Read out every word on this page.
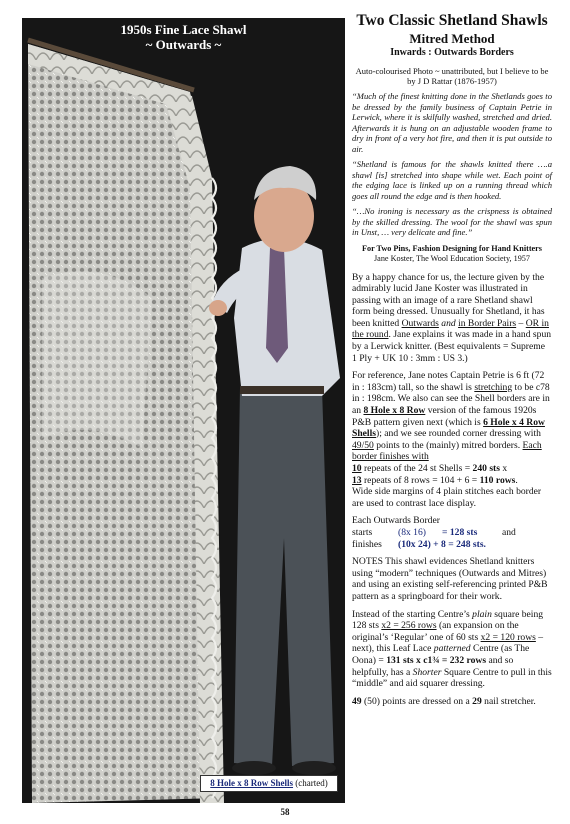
1950s Fine Lace Shawl
~ Outwards ~
8 Hole x 8 Row Shells (charted)
Two Classic Shetland Shawls
Mitred Method
Inwards : Outwards Borders
Auto-colourised Photo ~ unattributed, but I believe to be by J D Rattar (1876-1957)
“Much of the finest knitting done in the Shetlands goes to be dressed by the family business of Captain Petrie in Lerwick, where it is skilfully washed, stretched and dried. Afterwards it is hung on an adjustable wooden frame to dry in front of a very hot fire, and then it is put outside to air.
“Shetland is famous for the shawls knitted there ….a shawl [is] stretched into shape while wet. Each point of the edging lace is linked up on a running thread which goes all round the edge and is then hooked.
“…No ironing is necessary as the crispness is obtained by the skilled dressing. The wool for the shawl was spun in Unst, … very delicate and fine.”
For Two Pins, Fashion Designing for Hand Knitters
Jane Koster, The Wool Education Society, 1957

By a happy chance for us, the lecture given by the admirably lucid Jane Koster was illustrated in passing with an image of a rare Shetland shawl form being dressed. Unusually for Shetland, it has been knitted Outwards and in Border Pairs – OR in the round. Jane explains it was made in a hand spun by a Lerwick knitter. (Best equivalents = Supreme 1 Ply + UK 10 : 3mm : US 3.)

For reference, Jane notes Captain Petrie is 6 ft (72 in : 183cm) tall, so the shawl is stretching to be c78 in : 198cm. We also can see the Shell borders are in an 8 Hole x 8 Row version of the famous 1920s P&B pattern given next (which is 6 Hole x 4 Row Shells); and we see rounded corner dressing with 49/50 points to the (mainly) mitred borders. Each border finishes with
10 repeats of the 24 st Shells = 240 sts x
13 repeats of 8 rows = 104 + 6 = 110 rows.
Wide side margins of 4 plain stitches each border are used to contrast lace display.

Each Outwards Border
starts	(8x 16) = 128 sts	and
finishes (10x 24) + 8 = 248 sts.

NOTES This shawl evidences Shetland knitters using “modern” techniques (Outwards and Mitres) and using an existing self-referencing printed P&B pattern as a springboard for their work.

Instead of the starting Centre’s plain square being 128 sts x2 = 256 rows (an expansion on the original’s ‘Regular’ one of 60 sts x2 = 120 rows – next), this Leaf Lace patterned Centre (as The Oona) = 131 sts x c1¾ = 232 rows and so helpfully, has a Shorter Square Centre to pull in this “middle” and aid squarer dressing.

49 (50) points are dressed on a 29 nail stretcher.

58
